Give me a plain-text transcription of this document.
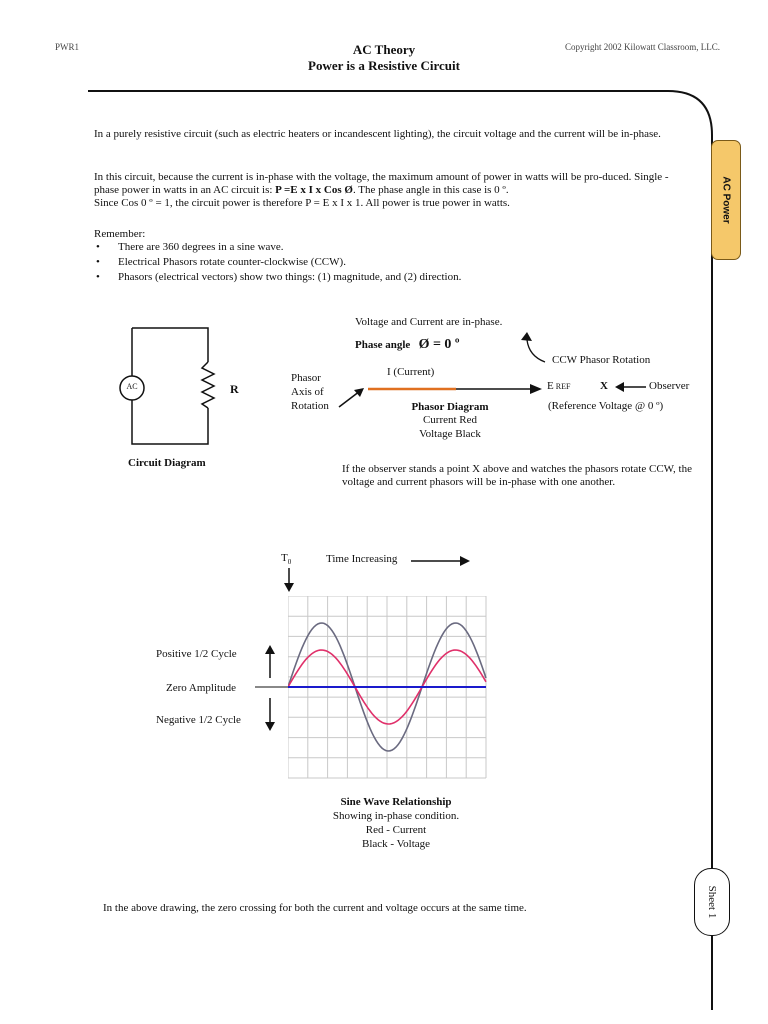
PWR1	AC Theory
Power is a Resistive Circuit
Copyright 2002 Kilowatt Classroom, LLC.
AC Power
Sheet 1

In a purely resistive circuit (such as electric heaters or incandescent lighting), the circuit voltage and the current will be in-phase.

In this circuit, because the current is in-phase with the voltage, the maximum amount of power in watts will be pro-duced. Single -phase power in watts in an AC circuit is: P =E x I x Cos Ø. The phase angle in this case is 0 º.
Since Cos 0 º = 1, the circuit power is therefore P = E x I x 1. All power is true power in watts.

Remember:
• There are 360 degrees in a sine wave.
• Electrical Phasors rotate counter-clockwise (CCW).
• Phasors (electrical vectors) show two things: (1) magnitude, and (2) direction.
AC	R
Circuit Diagram
Voltage and Current are in-phase.
Phase angle Ø = 0 º
CCW Phasor Rotation
Phasor
Axis of
Rotation
I (Current)
E REF	X	Observer
(Reference Voltage @ 0 º)
Phasor Diagram
Current Red
Voltage Black

If the observer stands a point X above and watches the phasors rotate CCW, the voltage and current phasors will be in-phase with one another.

$T_0$	Time Increasing
Positive 1/2 Cycle
Zero Amplitude
Negative 1/2 Cycle
Sine Wave Relationship
Showing in-phase condition.
Red - Current
Black - Voltage
In the above drawing, the zero crossing for both the current and voltage occurs at the same time.
